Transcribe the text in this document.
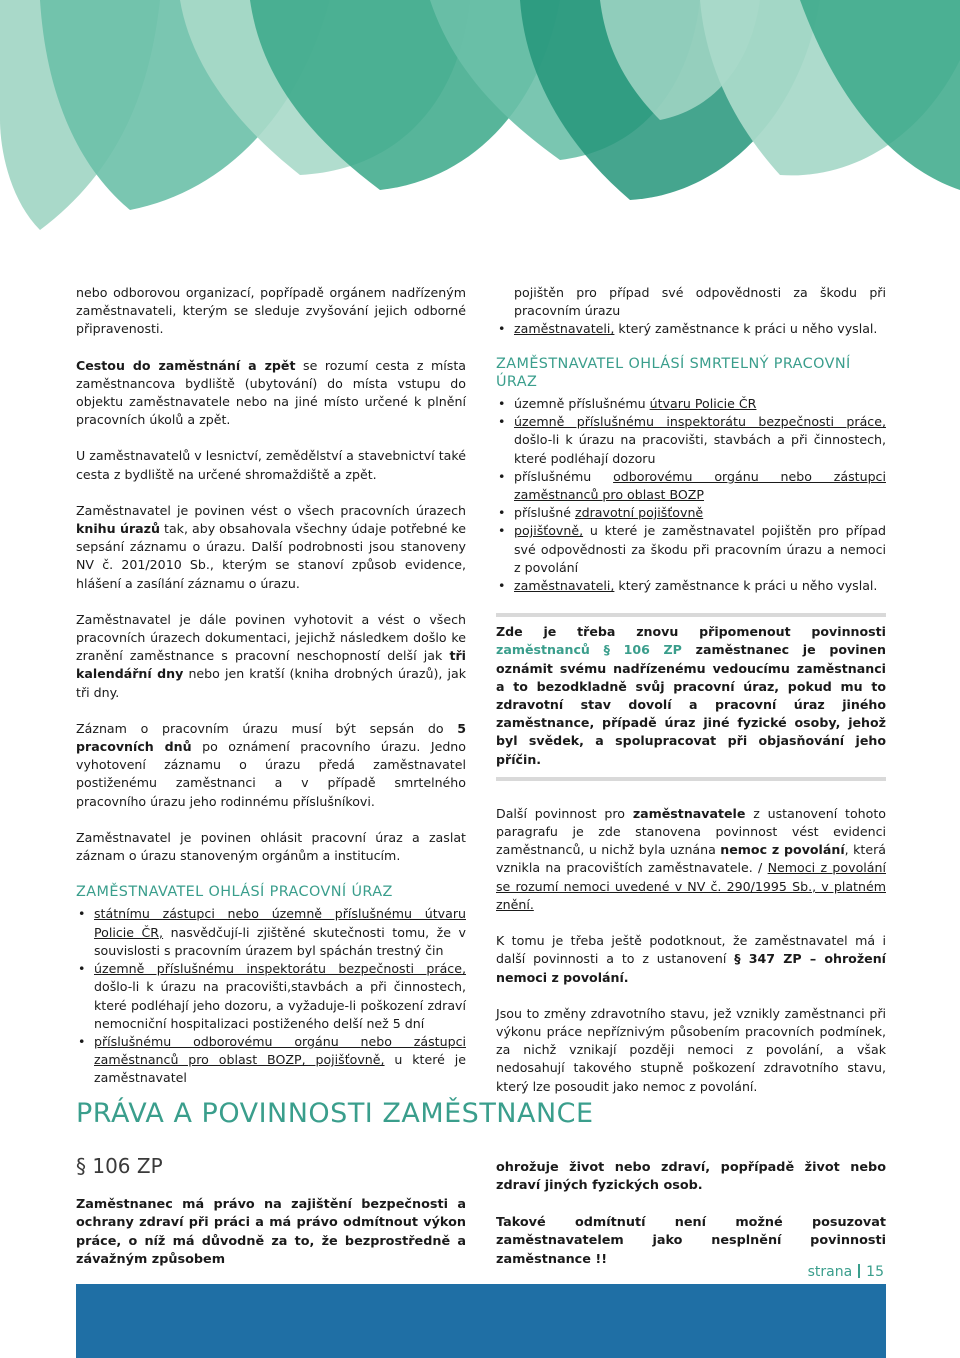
nebo odborovou organizací, popřípadě orgánem nadřízeným zaměstnavateli, kterým se sleduje zvyšování jejich odborné připravenosti.

Cestou do zaměstnání a zpět se rozumí cesta z místa zaměstnancova bydliště (ubytování) do místa vstupu do objektu zaměstnavatele nebo na jiné místo určené k plnění pracovních úkolů a zpět.

U zaměstnavatelů v lesnictví, zemědělství a stavebnictví také cesta z bydliště na určené shromaždiště a zpět.

Zaměstnavatel je povinen vést o všech pracovních úrazech knihu úrazů tak, aby obsahovala všechny údaje potřebné ke sepsání záznamu o úrazu. Další podrobnosti jsou stanoveny NV č. 201/2010 Sb., kterým se stanoví způsob evidence, hlášení a zasílání záznamu o úrazu.

Zaměstnavatel je dále povinen vyhotovit a vést o všech pracovních úrazech dokumentaci, jejichž následkem došlo ke zranění zaměstnance s pracovní neschopností delší jak tři kalendářní dny nebo jen kratší (kniha drobných úrazů), jak tři dny.

Záznam o pracovním úrazu musí být sepsán do 5 pracovních dnů po oznámení pracovního úrazu. Jedno vyhotovení záznamu o úrazu předá zaměstnavatel postiženému zaměstnanci a v případě smrtelného pracovního úrazu jeho rodinnému příslušníkovi.

Zaměstnavatel je povinen ohlásit pracovní úraz a zaslat záznam o úrazu stanoveným orgánům a institucím.

ZAMĚSTNAVATEL OHLÁSÍ PRACOVNÍ ÚRAZ
• státnímu zástupci nebo územně příslušnému útvaru Policie ČR, nasvědčují-li zjištěné skutečnosti tomu, že v souvislosti s pracovním úrazem byl spáchán trestný čin
• územně příslušnému inspektorátu bezpečnosti práce, došlo-li k úrazu na pracovišti,stavbách a při činnostech, které podléhají jeho dozoru, a vyžaduje-li poškození zdraví nemocniční hospitalizaci postiženého delší než 5 dní
• příslušnému odborovému orgánu nebo zástupci zaměstnanců pro oblast BOZP, pojišťovně, u které je zaměstnavatel
pojištěn pro případ své odpovědnosti za škodu při pracovním úrazu
• zaměstnavateli, který zaměstnance k práci u něho vyslal.
ZAMĚSTNAVATEL OHLÁSÍ SMRTELNÝ PRACOVNÍ ÚRAZ
• územně příslušnému útvaru Policie ČR
• územně příslušnému inspektorátu bezpečnosti práce, došlo-li k úrazu na pracovišti, stavbách a při činnostech, které podléhají dozoru
• příslušnému odborovému orgánu nebo zástupci zaměstnanců pro oblast BOZP
• příslušné zdravotní pojišťovně
• pojišťovně, u které je zaměstnavatel pojištěn pro případ své odpovědnosti za škodu při pracovním úrazu a nemoci z povolání
• zaměstnavateli, který zaměstnance k práci u něho vyslal.

Zde je třeba znovu připomenout povinnosti zaměstnanců § 106 ZP zaměstnanec je povinen oznámit svému nadřízenému vedoucímu zaměstnanci a to bezodkladně svůj pracovní úraz, pokud mu to zdravotní stav dovolí a pracovní úraz jiného zaměstnance, případě úraz jiné fyzické osoby, jehož byl svědek, a spolupracovat při objasňování jeho příčin.

Další povinnost pro zaměstnavatele z ustanovení tohoto paragrafu je zde stanovena povinnost vést evidenci zaměstnanců, u nichž byla uznána nemoc z povolání, která vznikla na pracovištích zaměstnavatele. / Nemoci z povolání se rozumí nemoci uvedené v NV č. 290/1995 Sb., v platném znění.

K tomu je třeba ještě podotknout, že zaměstnavatel má i další povinnosti a to z ustanovení § 347 ZP – ohrožení nemoci z povolání.

Jsou to změny zdravotního stavu, jež vznikly zaměstnanci při výkonu práce nepříznivým působením pracovních podmínek, za nichž vznikají později nemoci z povolání, a však nedosahují takového stupně poškození zdravotního stavu, který lze posoudit jako nemoc z povolání.

PRÁVA A POVINNOSTI ZAMĚSTNANCE
§ 106 ZP
Zaměstnanec má právo na zajištění bezpečnosti a ochrany zdraví při práci a má právo odmítnout výkon práce, o níž má důvodně za to, že bezprostředně a závažným způsobem
ohrožuje život nebo zdraví, popřípadě život nebo zdraví jiných fyzických osob.
Takové odmítnutí není možné posuzovat zaměstnavatelem jako nesplnění povinnosti zaměstnance !!
strana 15
